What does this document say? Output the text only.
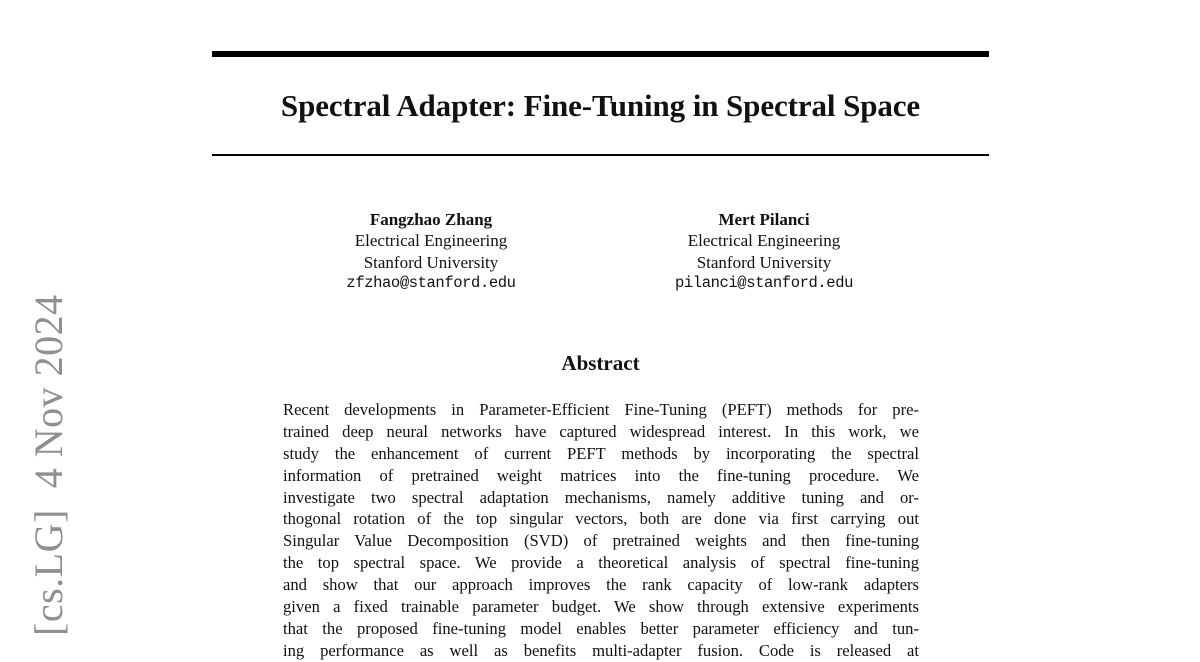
Spectral Adapter: Fine-Tuning in Spectral Space
Fangzhao Zhang
Electrical Engineering
Stanford University
zfzhao@stanford.edu
Mert Pilanci
Electrical Engineering
Stanford University
pilanci@stanford.edu
Abstract
Recent developments in Parameter-Efficient Fine-Tuning (PEFT) methods for pre-
trained deep neural networks have captured widespread interest. In this work, we
study the enhancement of current PEFT methods by incorporating the spectral
information of pretrained weight matrices into the fine-tuning procedure. We
investigate two spectral adaptation mechanisms, namely additive tuning and or-
thogonal rotation of the top singular vectors, both are done via first carrying out
Singular Value Decomposition (SVD) of pretrained weights and then fine-tuning
the top spectral space. We provide a theoretical analysis of spectral fine-tuning
and show that our approach improves the rank capacity of low-rank adapters
given a fixed trainable parameter budget. We show through extensive experiments
that the proposed fine-tuning model enables better parameter efficiency and tun-
ing performance as well as benefits multi-adapter fusion. Code is released at
[cs.LG]  4 Nov 2024
